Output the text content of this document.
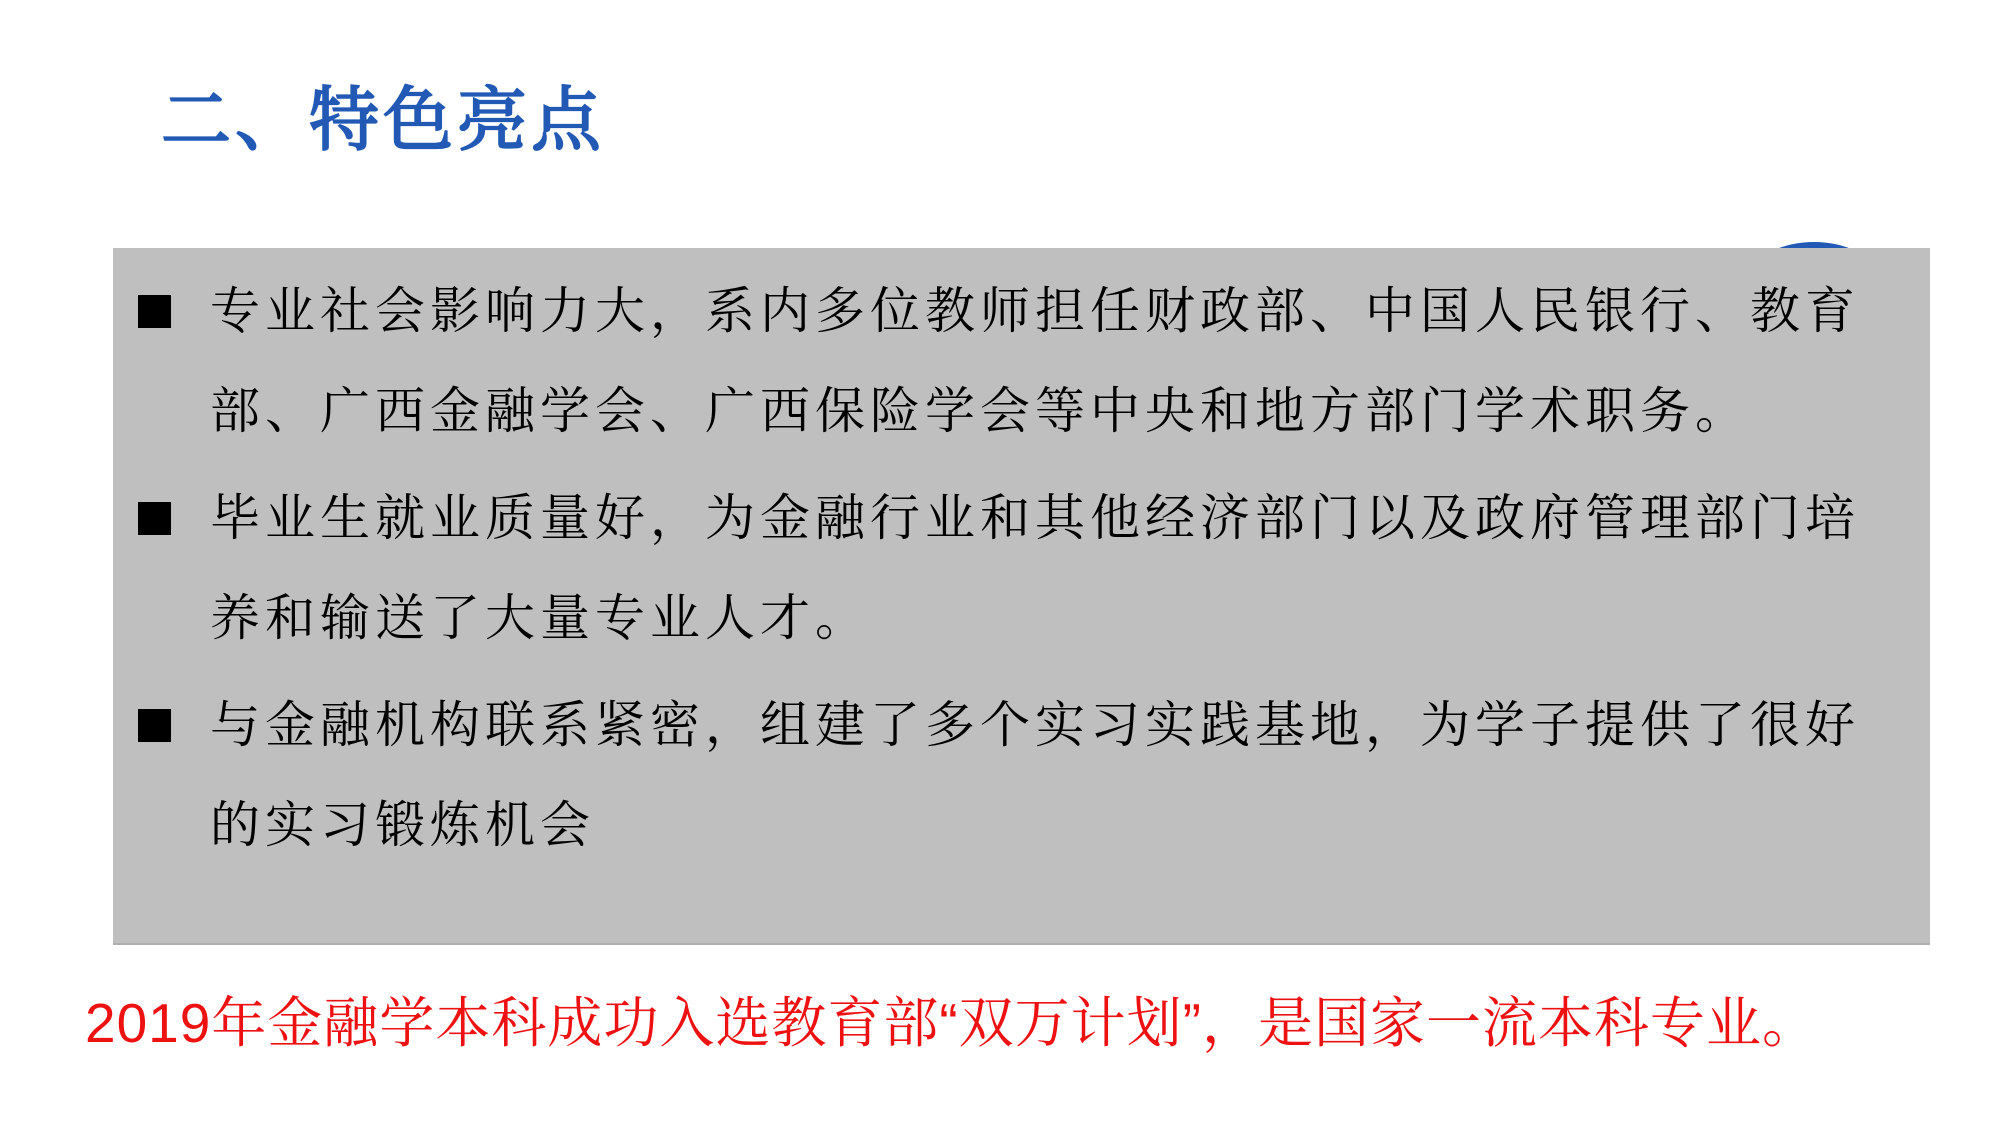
二、特色亮点
专业社会影响力大，系内多位教师担任财政部、中国人民银行、教育部、广西金融学会、广西保险学会等中央和地方部门学术职务。
毕业生就业质量好，为金融行业和其他经济部门以及政府管理部门培养和输送了大量专业人才。
与金融机构联系紧密，组建了多个实习实践基地，为学子提供了很好的实习锻炼机会
2019年金融学本科成功入选教育部“双万计划”，是国家一流本科专业。
